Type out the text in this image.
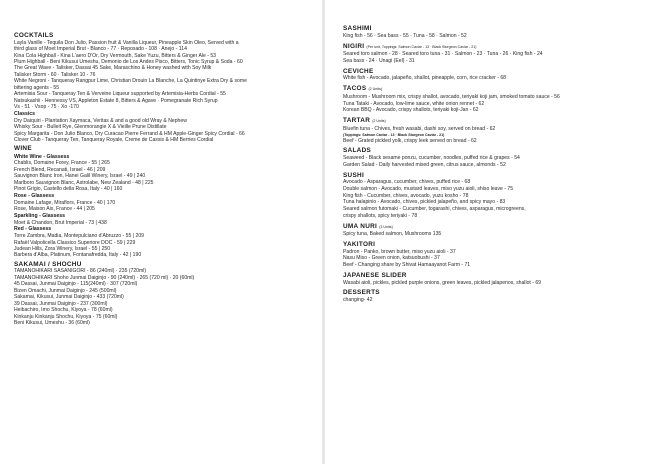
COCKTAILS
Layla Vanille - Tequila Don Julio, Passion fruit & Vanilla Liqueur, Pineapple Skin Oleo, Served with a
third glass of Moet Imperial Brut - Blanco - 77 · Reposado - 108 · Anejo - 114
Kina Cola Highball - Kina L'aero D'Or, Dry Vermouth, Sake Yuzu, Bitters & Ginger Ale - 53
Plum Highball - Beni Kikusui Umeshu, Demonio de Los Andes Pisco, Bitters, Tonic Syrup & Soda - 60
The Great Wave - Talisker, Dassai 45 Sake, Maraschino & Honey washed with Soy Milk
Talisker Storm - 60 · Talisker 10 - 76
White Negroni - Tanqueray Rangpur Lime, Christian Drouin La Blanche, La Quintinye Extra Dry & some
bittering agents - 55
Artemisia Sour - Tanqueray Ten & Verveine Liqueur supported by Artemisia-Herbs Cordial - 55
Natsukashii - Hennessy VS, Appleton Estate 8, Bitters & Agave · Pomegranate Rich Syrup
Vs - 51 · Vsop - 75 · Xo -170
Classics
Dry Daiquiri - Plantation Xaymaca, Veritas & and a good old Wray & Nephew
Whisky Sour - Bulleit Rye, Glenmorangie X & Vieille Prune Distillate
Spicy Margarita - Don Julio Blanco, Dry Curacao Pierre Ferrand & HM Apple-Ginger Spicy Cordial - 66
Clover Club - Tanqueray Ten, Tanqueray Royale, Creme de Cassis & HM Berries Cordial
WINE
White Wine - Glassess
Chablis, Domaine Forey, France - 55 | 265
French Blend, Recanati, Israel - 46 | 209
Sauvignon Blanc Iron, Hanei Galil Winery, Israel - 49 | 240
Marlboro Sauvignon Blanc, Astrolabe, New Zealand - 48 | 225
Pinot Grigio, Castello della Rosa, Italy - 40 | 160
Rose - Glassess
Domaine Lafage, Miraflors, France - 40 | 170
Rose, Maison Aix, France - 44 | 205
Sparkling - Glassess
Moet & Chandon, Brut Imperial - 73 | 438
Red - Glassess
Torre Zambra, Madia, Montepulciano d'Abruzzo - 55 | 209
Rafaël Valpolicella Classico Superiore DOC - 59 | 229
Judean Hills, Zora Winery, Israel - 55 | 250
Barbera d'Alba, Platinum, Fontanafredda, Italy - 42 | 190
SAKAMAI / SHOCHU
TAMANOHIKARI SASANIGORI - 86 (240ml) · 235 (720ml)
TAMANOHIKARI Shoho Junmai Daiginjo - 90 (240ml) · 265 (720 ml) · 20 (60ml)
45 Dassai, Junmai Daiginjo - 115(240ml) · 307 (720ml)
Bizen Omachi, Junmai Daiginjo - 245 (500ml)
Sakamai, Kikusui, Junmai Daiginjo - 433 (720ml)
39 Dassai, Junmai Daiginjo - 237 (300ml)
Heibachiro, Imo Shochu, Kiyoya - 78 (60ml)
Kinkanju Kinkanju Shochu, Kiyoya - 75 (60ml)
Beni Kikusui, Umeshu - 36 (60ml)
SASHIMI
King fish - 56 · Sea bass - 55 · Tuna - 58 · Salmon - 52
NIGIRI (Per unit, Toppings: Salmon Caviar - 13 · Black Sturgeon Caviar - 21)
Seared toro salmon - 28 · Seared toro tuna - 31 · Salmon - 23 · Tuna - 26 · King fish - 24
Sea bass - 24 · Unagi (Eel) - 31
CEVICHE
White fish - Avocado, jalapeño, shallot, pineapple, corn, rice cracker - 68
TACOS (2 Units)
Mushroom - Mushroom mix, crispy shallot, avocado, teriyaki koji jam, smoked tomato sauce - 56
Tuna Tataki - Avocado, low-lime sauce, white onion rennet - 62
Korean BBQ - Avocado, crispy shallots, teriyaki koji-Jan - 62
TARTAR (2 Units)
Bluefin tuna - Chives, fresh wasabi, dashi soy, served on bread - 62
(Toppings: Salmon Caviar - 13 · Black Sturgeon Caviar - 21)
Beef - Grated pickled yolk, crispy leek served on bread - 62
SALADS
Seaweed - Black sesame ponzu, cucumber, noodles, puffed rice & grapes - 54
Garden Salad - Daily harvested mixed green, citrus sauce, almonds - 52
SUSHI
Avocado - Asparagus, cucumber, chives, puffed rice - 68
Double salmon - Avocado, mustard leaves, miso yuzu aioli, shiso leave - 75
King fish - Cucumber, chives, avocado, yuzu kosho - 78
Tuna halapinio - Avocado, chives, pickled jalapeño, and spicy mayo - 83
Seared salmon futomaki - Cucumber, togarashi, chives, asparagus, microgreens,
crispy shallots, spicy teriyaki - 78
UMA NURI (3 Units)
Spicy tuna, Baked salmon, Mushrooms 135
YAKITORI
Padron - Panko, brown butter, miso yuzu aioli - 37
Nasu Miso - Green onion, katsuobushi - 37
Beef - Changing share by Shivat Hamaayanot Farm - 71
JAPANESE SLIDER
Wasabi aioli, pickles, pickled purple onions, green leaves, pickled jalapenos, shallot - 69
DESSERTS
changing- 42
